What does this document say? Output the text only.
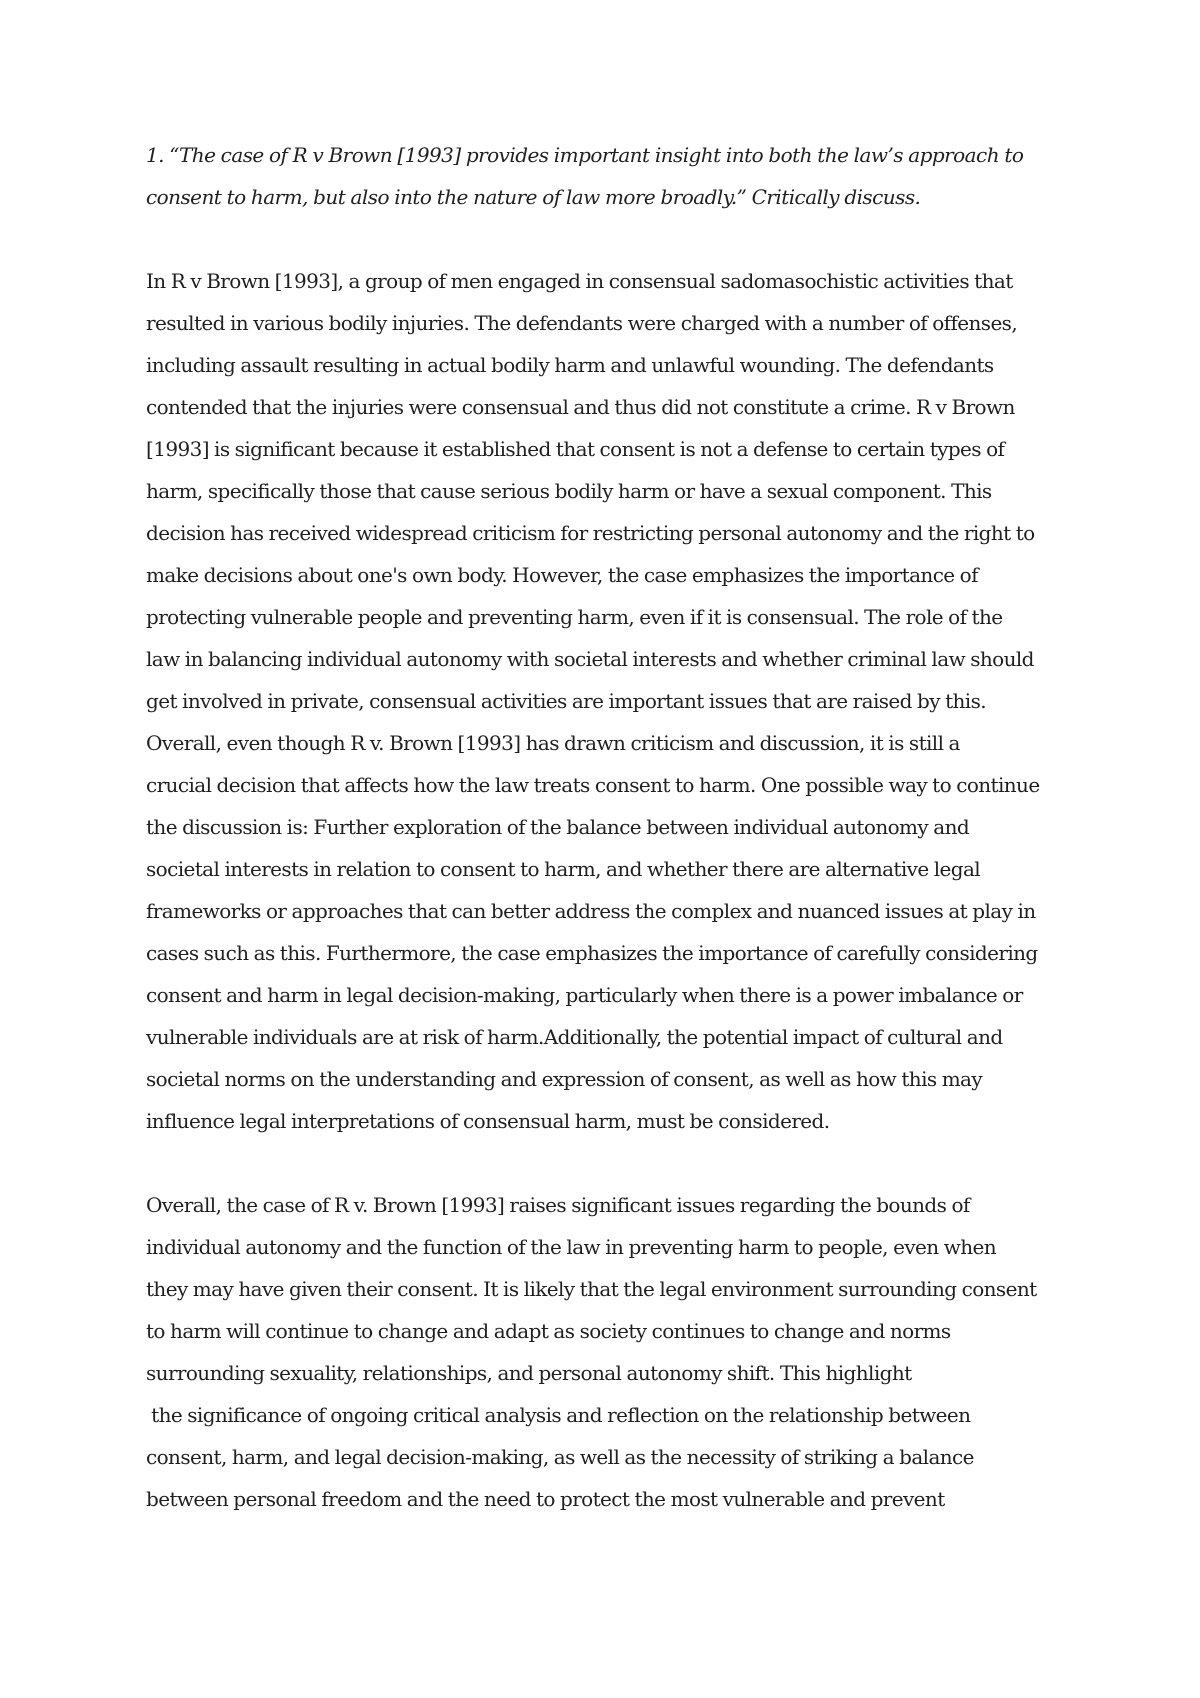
1. “The case of R v Brown [1993] provides important insight into both the law’s approach to
consent to harm, but also into the nature of law more broadly.” Critically discuss.
In R v Brown [1993], a group of men engaged in consensual sadomasochistic activities that
resulted in various bodily injuries. The defendants were charged with a number of offenses,
including assault resulting in actual bodily harm and unlawful wounding. The defendants
contended that the injuries were consensual and thus did not constitute a crime. R v Brown
[1993] is significant because it established that consent is not a defense to certain types of
harm, specifically those that cause serious bodily harm or have a sexual component. This
decision has received widespread criticism for restricting personal autonomy and the right to
make decisions about one's own body. However, the case emphasizes the importance of
protecting vulnerable people and preventing harm, even if it is consensual. The role of the
law in balancing individual autonomy with societal interests and whether criminal law should
get involved in private, consensual activities are important issues that are raised by this.
Overall, even though R v. Brown [1993] has drawn criticism and discussion, it is still a
crucial decision that affects how the law treats consent to harm. One possible way to continue
the discussion is: Further exploration of the balance between individual autonomy and
societal interests in relation to consent to harm, and whether there are alternative legal
frameworks or approaches that can better address the complex and nuanced issues at play in
cases such as this. Furthermore, the case emphasizes the importance of carefully considering
consent and harm in legal decision-making, particularly when there is a power imbalance or
vulnerable individuals are at risk of harm.Additionally, the potential impact of cultural and
societal norms on the understanding and expression of consent, as well as how this may
influence legal interpretations of consensual harm, must be considered.
Overall, the case of R v. Brown [1993] raises significant issues regarding the bounds of
individual autonomy and the function of the law in preventing harm to people, even when
they may have given their consent. It is likely that the legal environment surrounding consent
to harm will continue to change and adapt as society continues to change and norms
surrounding sexuality, relationships, and personal autonomy shift. This highlight
the significance of ongoing critical analysis and reflection on the relationship between
consent, harm, and legal decision-making, as well as the necessity of striking a balance
between personal freedom and the need to protect the most vulnerable and prevent
